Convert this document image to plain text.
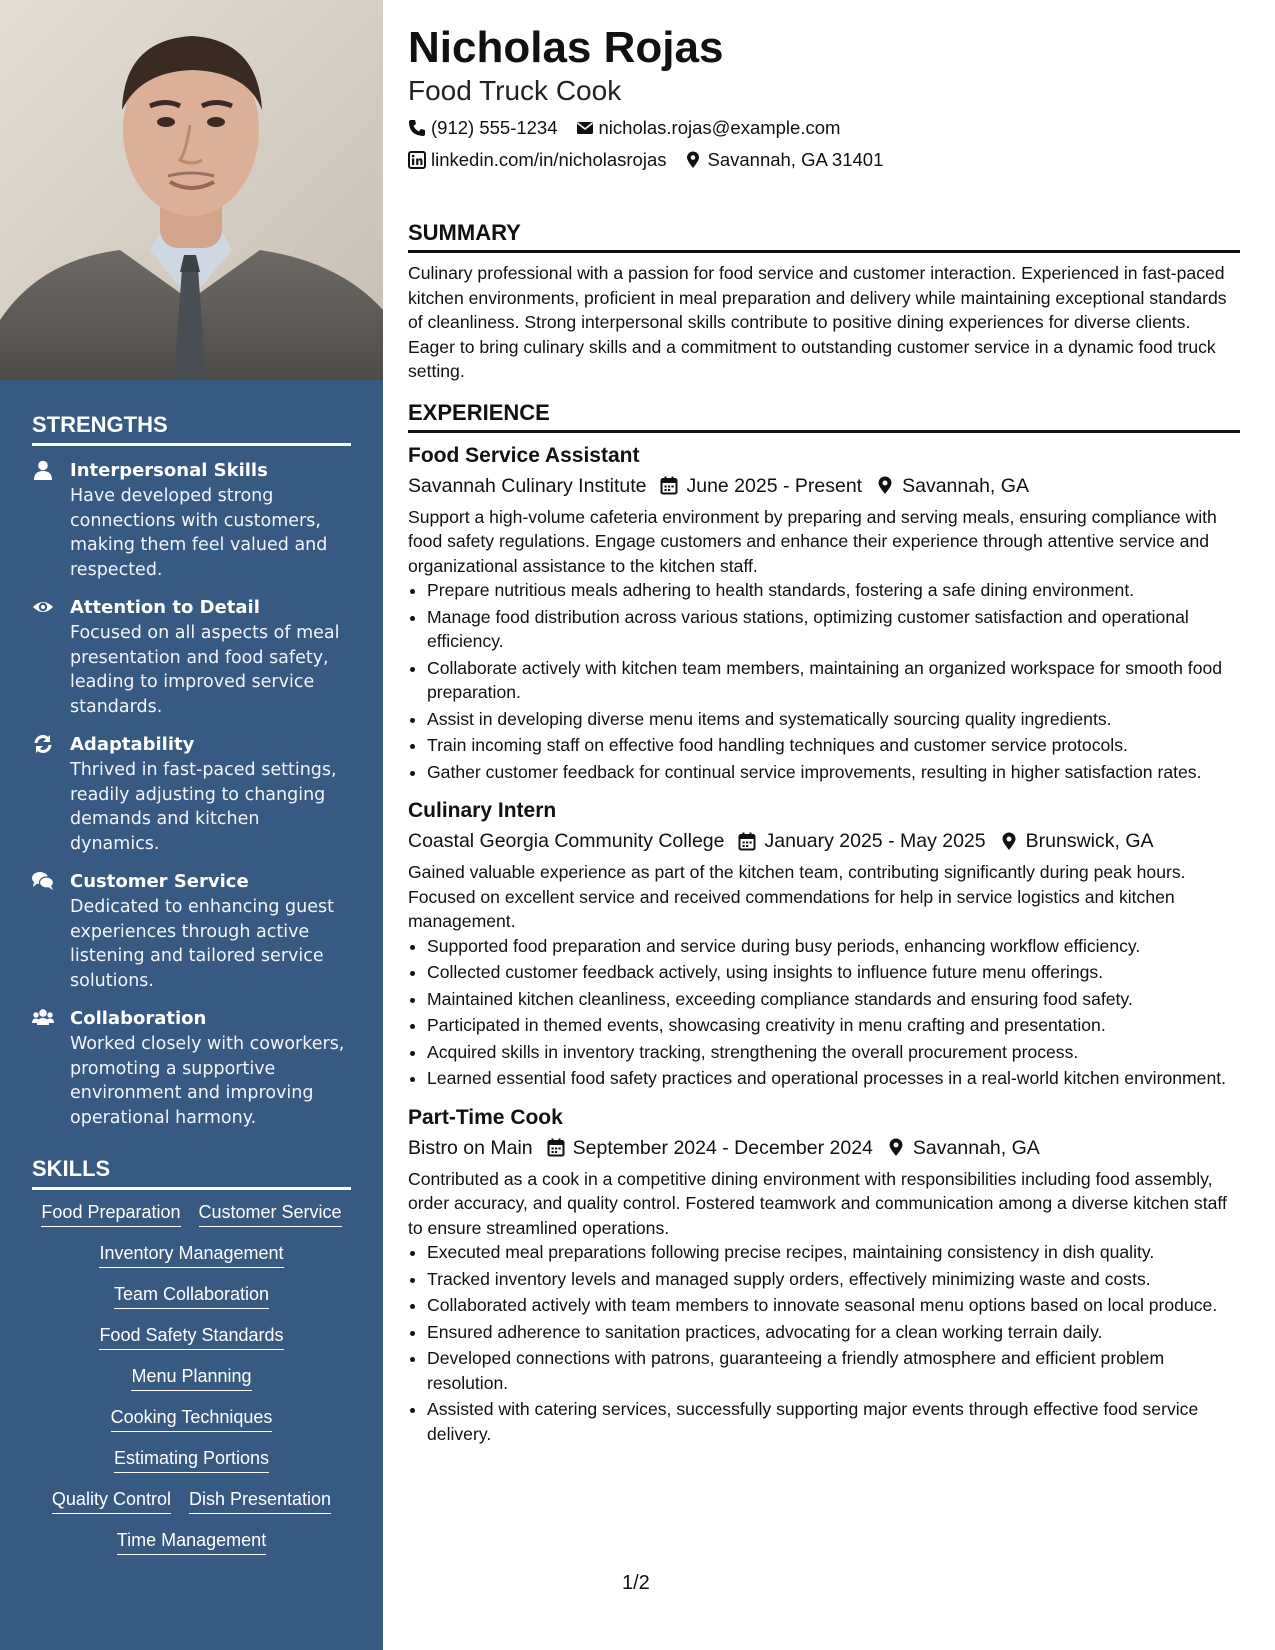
STRENGTHS
Interpersonal Skills
Have developed strong connections with customers, making them feel valued and respected.
Attention to Detail
Focused on all aspects of meal presentation and food safety, leading to improved service standards.
Adaptability
Thrived in fast-paced settings, readily adjusting to changing demands and kitchen dynamics.
Customer Service
Dedicated to enhancing guest experiences through active listening and tailored service solutions.
Collaboration
Worked closely with coworkers, promoting a supportive environment and improving operational harmony.
SKILLS
Food Preparation Customer Service
Inventory Management
Team Collaboration
Food Safety Standards
Menu Planning
Cooking Techniques
Estimating Portions
Quality Control Dish Presentation
Time Management
Nicholas Rojas
Food Truck Cook
(912) 555-1234 nicholas.rojas@example.com
linkedin.com/in/nicholasrojas Savannah, GA 31401
SUMMARY

Culinary professional with a passion for food service and customer interaction. Experienced in fast-paced kitchen environments, proficient in meal preparation and delivery while maintaining exceptional standards of cleanliness. Strong interpersonal skills contribute to positive dining experiences for diverse clients. Eager to bring culinary skills and a commitment to outstanding customer service in a dynamic food truck setting.

EXPERIENCE
Food Service Assistant
Savannah Culinary Institute June 2025 - Present Savannah, GA

Support a high-volume cafeteria environment by preparing and serving meals, ensuring compliance with food safety regulations. Engage customers and enhance their experience through attentive service and organizational assistance to the kitchen staff.

• Prepare nutritious meals adhering to health standards, fostering a safe dining environment.
• Manage food distribution across various stations, optimizing customer satisfaction and operational efficiency.
• Collaborate actively with kitchen team members, maintaining an organized workspace for smooth food preparation.
• Assist in developing diverse menu items and systematically sourcing quality ingredients.
• Train incoming staff on effective food handling techniques and customer service protocols.
• Gather customer feedback for continual service improvements, resulting in higher satisfaction rates.
Culinary Intern
Coastal Georgia Community College January 2025 - May 2025 Brunswick, GA

Gained valuable experience as part of the kitchen team, contributing significantly during peak hours. Focused on excellent service and received commendations for help in service logistics and kitchen management.

• Supported food preparation and service during busy periods, enhancing workflow efficiency.
• Collected customer feedback actively, using insights to influence future menu offerings.
• Maintained kitchen cleanliness, exceeding compliance standards and ensuring food safety.
• Participated in themed events, showcasing creativity in menu crafting and presentation.
• Acquired skills in inventory tracking, strengthening the overall procurement process.
• Learned essential food safety practices and operational processes in a real-world kitchen environment.
Part-Time Cook
Bistro on Main September 2024 - December 2024 Savannah, GA

Contributed as a cook in a competitive dining environment with responsibilities including food assembly, order accuracy, and quality control. Fostered teamwork and communication among a diverse kitchen staff to ensure streamlined operations.

• Executed meal preparations following precise recipes, maintaining consistency in dish quality.
• Tracked inventory levels and managed supply orders, effectively minimizing waste and costs.
• Collaborated actively with team members to innovate seasonal menu options based on local produce.
• Ensured adherence to sanitation practices, advocating for a clean working terrain daily.
• Developed connections with patrons, guaranteeing a friendly atmosphere and efficient problem resolution.
• Assisted with catering services, successfully supporting major events through effective food service delivery.
1/2
